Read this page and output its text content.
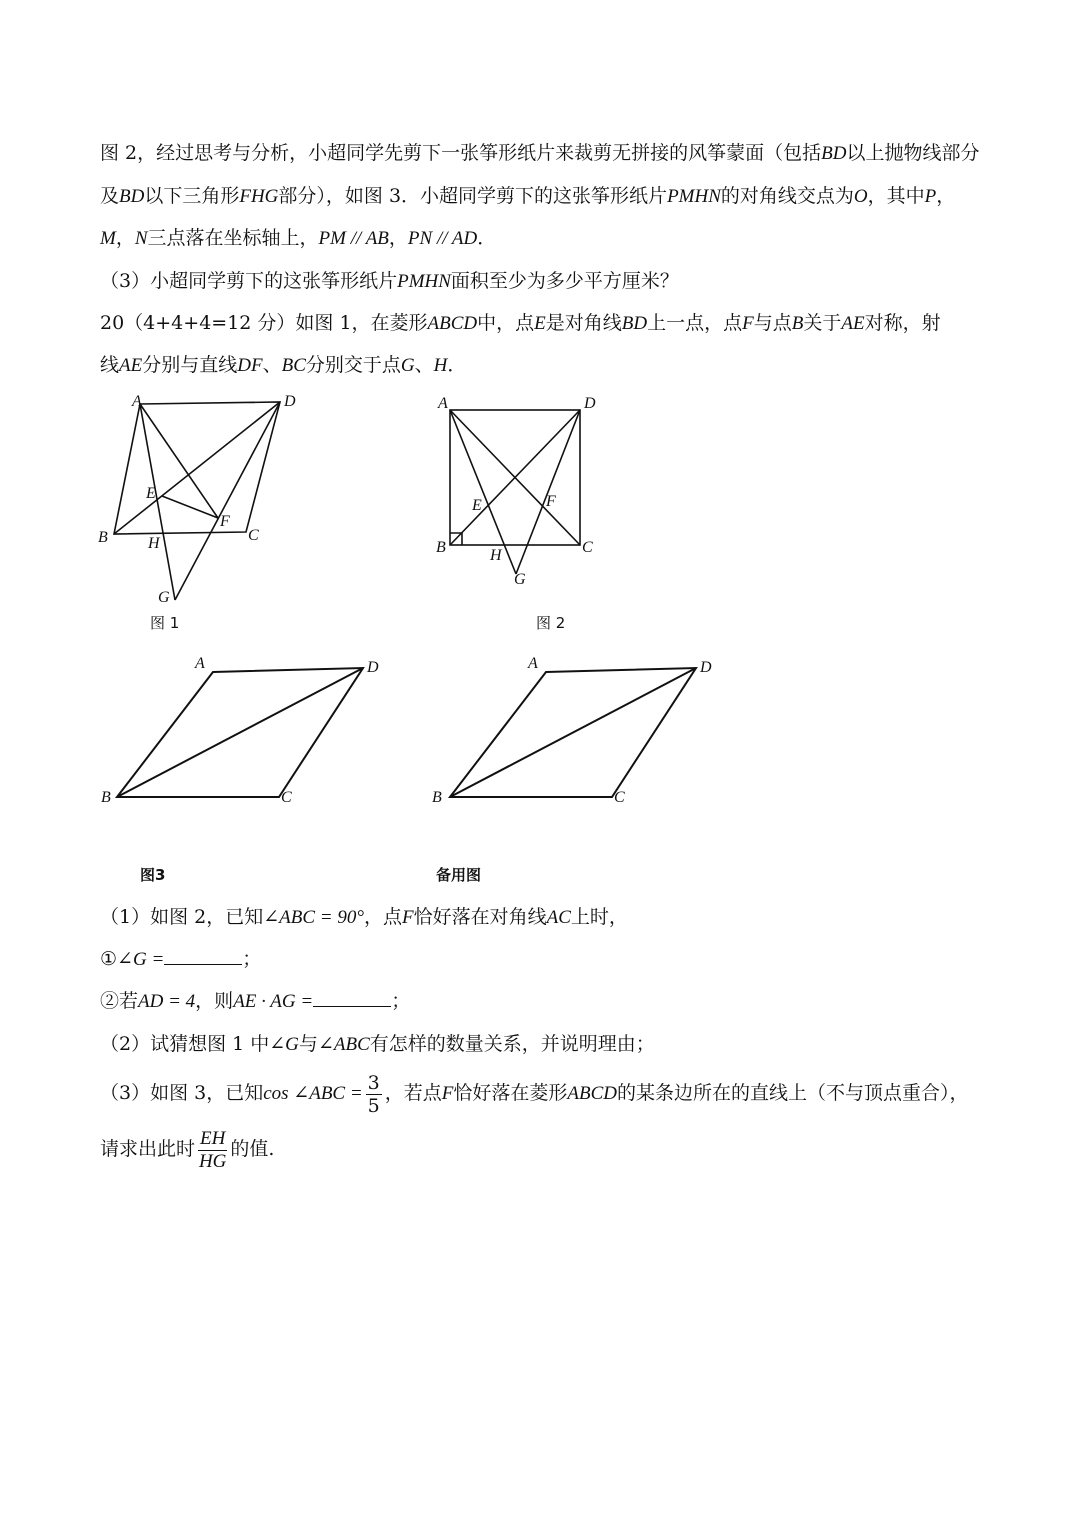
图 2，经过思考与分析，小超同学先剪下一张筝形纸片来裁剪无拼接的风筝蒙面（包括BD以上抛物线部分
及BD以下三角形FHG部分），如图 3．小超同学剪下的这张筝形纸片PMHN的对角线交点为O，其中P，
M，N三点落在坐标轴上，PM // AB，PN // AD．
（3）小超同学剪下的这张筝形纸片PMHN面积至少为多少平方厘米？
20（4+4+4=12 分）如图 1，在菱形ABCD中，点E是对角线BD上一点，点F与点B关于AE对称，射
线AE分别与直线DF、BC分别交于点G、H．
A	D
B	C
E
F
H
G
图 1
A	D
B	C
E	F
H
G
图 2
A	D
B	C
图3
A	D
B	C
备用图
（1）如图 2，已知∠ABC = 90°，点F恰好落在对角线AC上时，
①∠G =	；
②若AD = 4，则AE · AG =	；
（2）试猜想图 1 中∠G与∠ABC有怎样的数量关系，并说明理由；
（3）如图 3，已知cos ∠ABC = $\frac{3}{5}$ ，若点F恰好落在菱形ABCD的某条边所在的直线上（不与顶点重合），
请求出此时 $\frac{EH}{HG}$ 的值.
